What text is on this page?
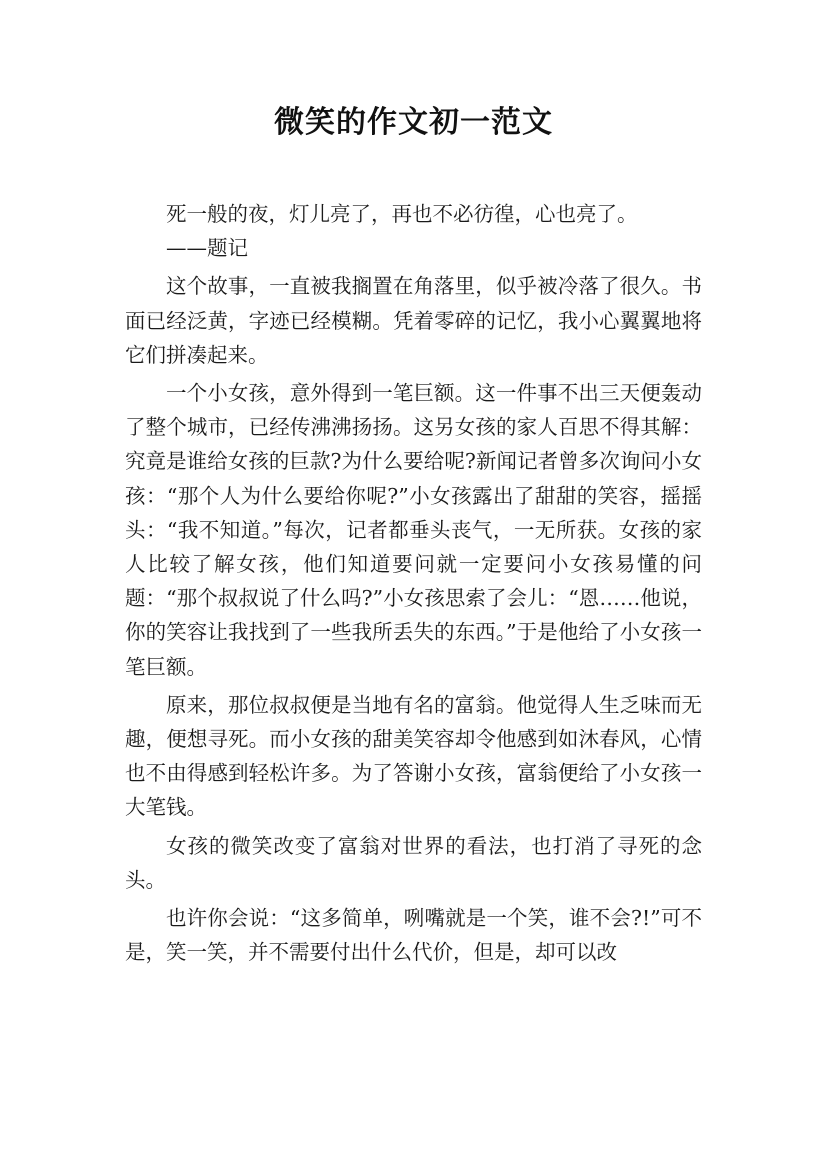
微笑的作文初一范文

死一般的夜，灯儿亮了，再也不必彷徨，心也亮了。

——题记

这个故事，一直被我搁置在角落里，似乎被冷落了很久。书面已经泛黄，字迹已经模糊。凭着零碎的记忆，我小心翼翼地将它们拼凑起来。

一个小女孩，意外得到一笔巨额。这一件事不出三天便轰动了整个城市，已经传沸沸扬扬。这另女孩的家人百思不得其解：究竟是谁给女孩的巨款?为什么要给呢?新闻记者曾多次询问小女孩：“那个人为什么要给你呢?”小女孩露出了甜甜的笑容，摇摇头：“我不知道。”每次，记者都垂头丧气，一无所获。女孩的家人比较了解女孩，他们知道要问就一定要问小女孩易懂的问题：“那个叔叔说了什么吗?”小女孩思索了会儿：“恩……他说，你的笑容让我找到了一些我所丢失的东西。”于是他给了小女孩一笔巨额。

原来，那位叔叔便是当地有名的富翁。他觉得人生乏味而无趣，便想寻死。而小女孩的甜美笑容却令他感到如沐春风，心情也不由得感到轻松许多。为了答谢小女孩，富翁便给了小女孩一大笔钱。

女孩的微笑改变了富翁对世界的看法，也打消了寻死的念头。

也许你会说：“这多简单，咧嘴就是一个笑，谁不会?!”可不是，笑一笑，并不需要付出什么代价，但是，却可以改
